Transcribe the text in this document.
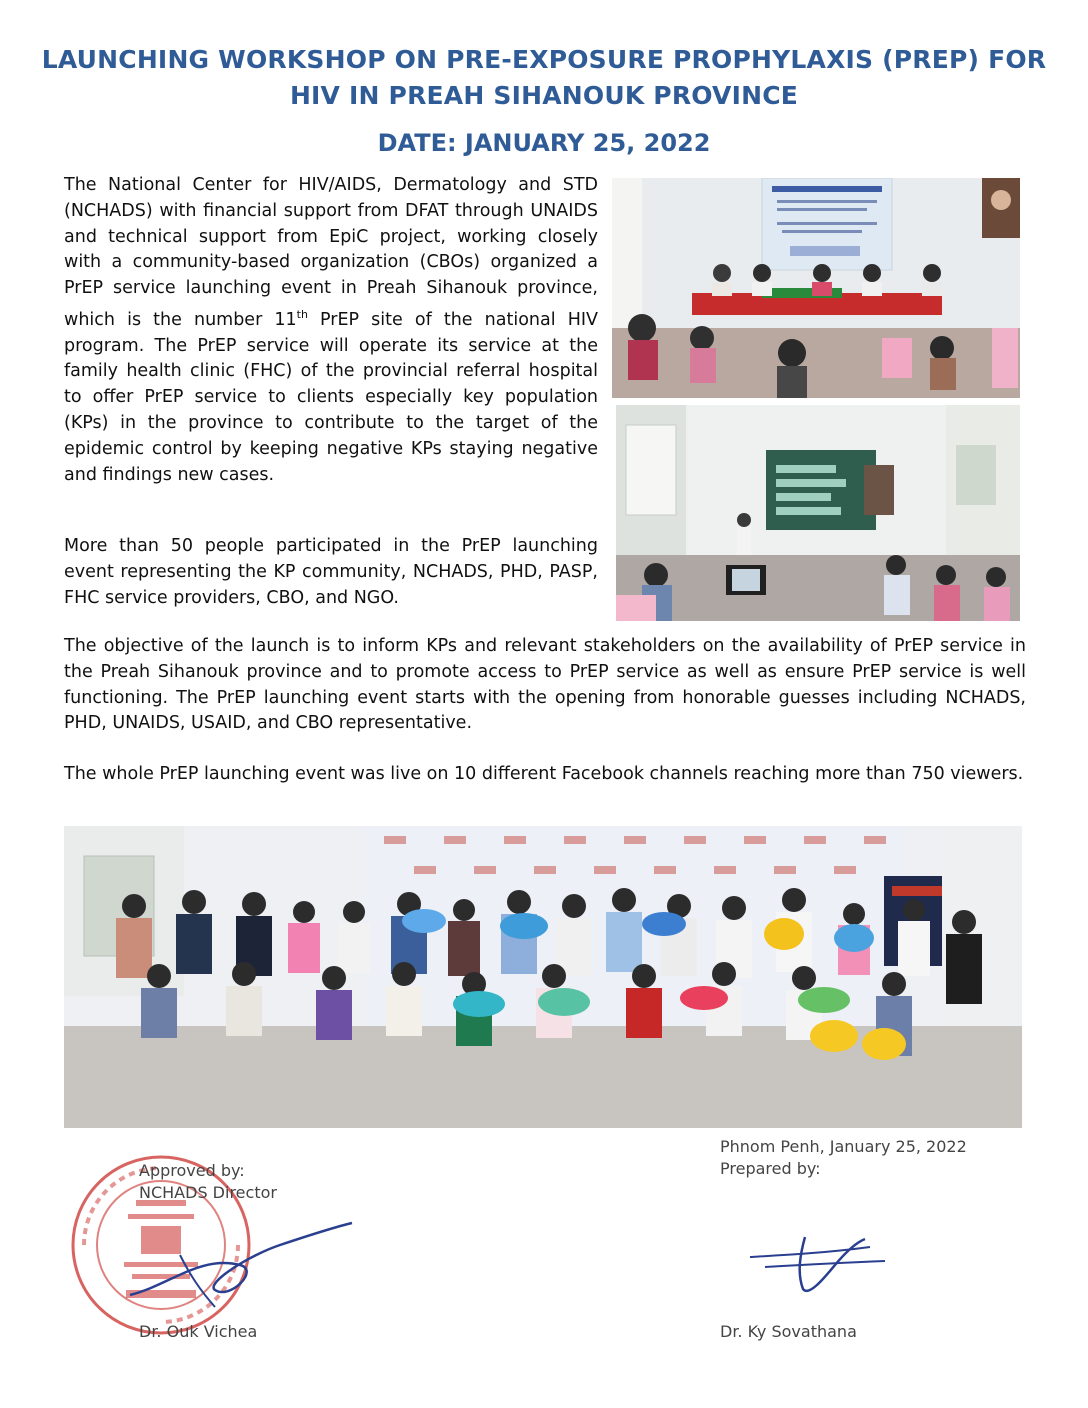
LAUNCHING WORKSHOP ON PRE-EXPOSURE PROPHYLAXIS (PREP) FOR
HIV IN PREAH SIHANOUK PROVINCE
DATE: JANUARY 25, 2022

The National Center for HIV/AIDS, Dermatology and STD (NCHADS) with financial support from DFAT through UNAIDS and technical support from EpiC project, working closely with a community-based organization (CBOs) organized a PrEP service launching event in Preah Sihanouk province, which is the number 11th PrEP site of the national HIV program. The PrEP service will operate its service at the family health clinic (FHC) of the provincial referral hospital to offer PrEP service to clients especially key population (KPs) in the province to contribute to the target of the epidemic control by keeping negative KPs staying negative and findings new cases.

More than 50 people participated in the PrEP launching event representing the KP community, NCHADS, PHD, PASP, FHC service providers, CBO, and NGO.

The objective of the launch is to inform KPs and relevant stakeholders on the availability of PrEP service in the Preah Sihanouk province and to promote access to PrEP service as well as ensure PrEP service is well functioning. The PrEP launching event starts with the opening from honorable guesses including NCHADS, PHD, UNAIDS, USAID, and CBO representative.

The whole PrEP launching event was live on 10 different Facebook channels reaching more than 750 viewers.

Approved by:
NCHADS Director
Dr. Ouk Vichea
Phnom Penh, January 25, 2022
Prepared by:
Dr. Ky Sovathana
